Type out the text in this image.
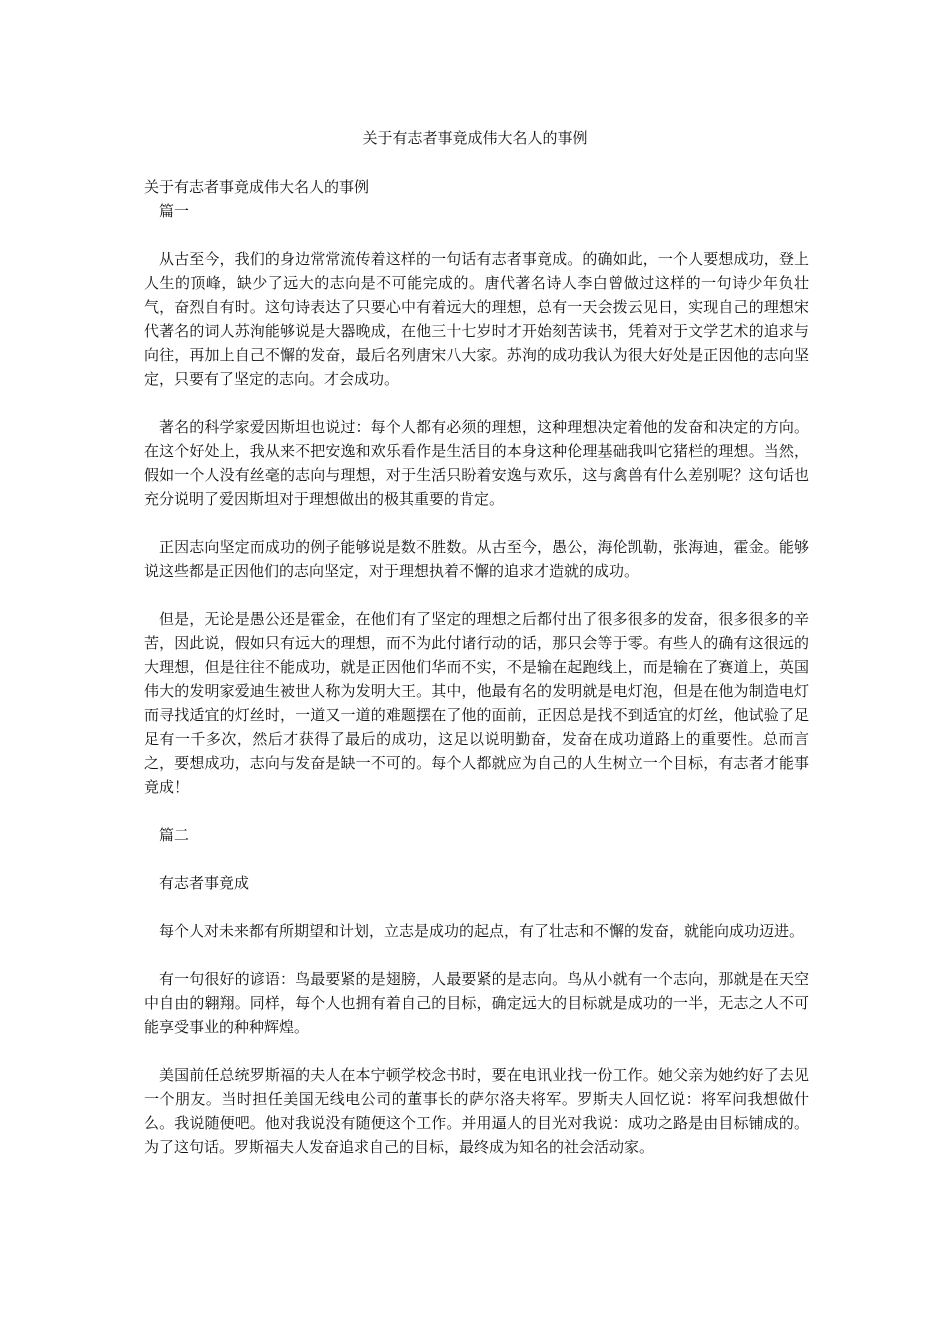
关于有志者事竟成伟大名人的事例

关于有志者事竟成伟大名人的事例

篇一

从古至今，我们的身边常常流传着这样的一句话有志者事竟成。的确如此，一个人要想成功，登上人生的顶峰，缺少了远大的志向是不可能完成的。唐代著名诗人李白曾做过这样的一句诗少年负壮气，奋烈自有时。这句诗表达了只要心中有着远大的理想，总有一天会拨云见日，实现自己的理想宋代著名的词人苏洵能够说是大器晚成，在他三十七岁时才开始刻苦读书，凭着对于文学艺术的追求与向往，再加上自己不懈的发奋，最后名列唐宋八大家。苏洵的成功我认为很大好处是正因他的志向坚定，只要有了坚定的志向。才会成功。

著名的科学家爱因斯坦也说过：每个人都有必须的理想，这种理想决定着他的发奋和决定的方向。在这个好处上，我从来不把安逸和欢乐看作是生活目的本身这种伦理基础我叫它猪栏的理想。当然，假如一个人没有丝毫的志向与理想，对于生活只盼着安逸与欢乐，这与禽兽有什么差别呢？这句话也充分说明了爱因斯坦对于理想做出的极其重要的肯定。

正因志向坚定而成功的例子能够说是数不胜数。从古至今，愚公，海伦凯勒，张海迪，霍金。能够说这些都是正因他们的志向坚定，对于理想执着不懈的追求才造就的成功。

但是，无论是愚公还是霍金，在他们有了坚定的理想之后都付出了很多很多的发奋，很多很多的辛苦，因此说，假如只有远大的理想，而不为此付诸行动的话，那只会等于零。有些人的确有这很远的大理想，但是往往不能成功，就是正因他们华而不实，不是输在起跑线上，而是输在了赛道上，英国伟大的发明家爱迪生被世人称为发明大王。其中，他最有名的发明就是电灯泡，但是在他为制造电灯而寻找适宜的灯丝时，一道又一道的难题摆在了他的面前，正因总是找不到适宜的灯丝，他试验了足足有一千多次，然后才获得了最后的成功，这足以说明勤奋，发奋在成功道路上的重要性。总而言之，要想成功，志向与发奋是缺一不可的。每个人都就应为自己的人生树立一个目标，有志者才能事竟成！

篇二

有志者事竟成

每个人对未来都有所期望和计划，立志是成功的起点，有了壮志和不懈的发奋，就能向成功迈进。

有一句很好的谚语：鸟最要紧的是翅膀，人最要紧的是志向。鸟从小就有一个志向，那就是在天空中自由的翱翔。同样，每个人也拥有着自己的目标，确定远大的目标就是成功的一半，无志之人不可能享受事业的种种辉煌。

美国前任总统罗斯福的夫人在本宁顿学校念书时，要在电讯业找一份工作。她父亲为她约好了去见一个朋友。当时担任美国无线电公司的董事长的萨尔洛夫将军。罗斯夫人回忆说：将军问我想做什么。我说随便吧。他对我说没有随便这个工作。并用逼人的目光对我说：成功之路是由目标铺成的。为了这句话。罗斯福夫人发奋追求自己的目标，最终成为知名的社会活动家。
